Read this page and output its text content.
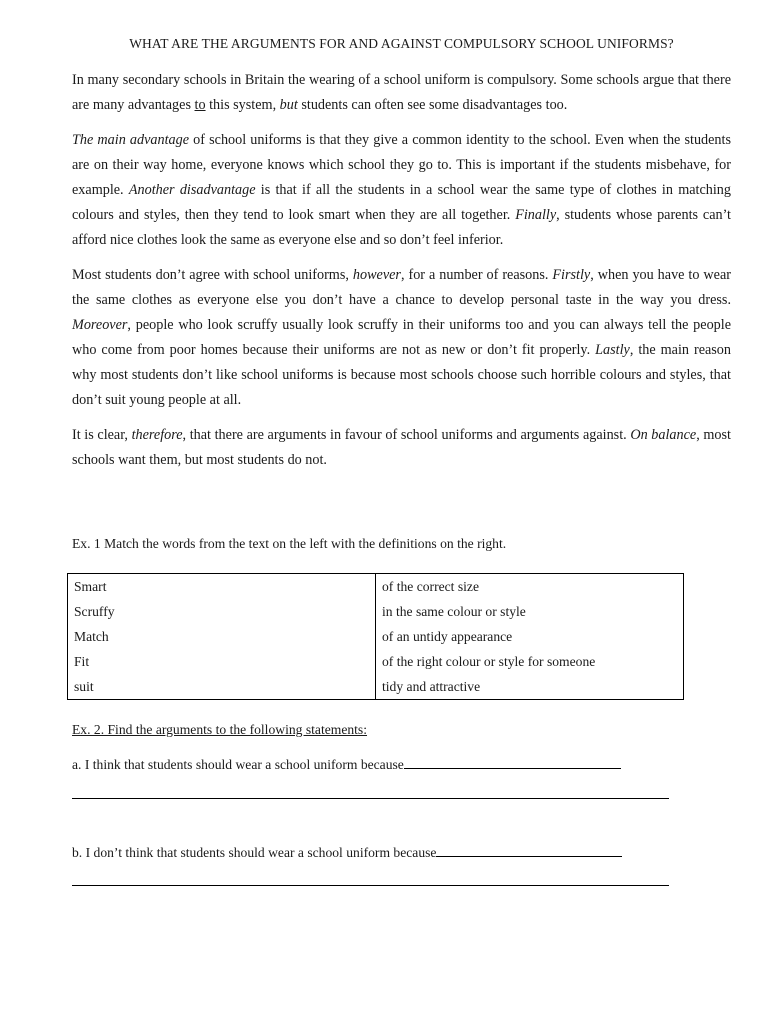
WHAT ARE THE ARGUMENTS FOR AND AGAINST COMPULSORY SCHOOL UNIFORMS?

In many secondary schools in Britain the wearing of a school uniform is compulsory. Some schools argue that there are many advantages to this system, but students can often see some disadvantages too.

The main advantage of school uniforms is that they give a common identity to the school. Even when the students are on their way home, everyone knows which school they go to. This is important if the students misbehave, for example. Another disadvantage is that if all the students in a school wear the same type of clothes in matching colours and styles, then they tend to look smart when they are all together. Finally, students whose parents can’t afford nice clothes look the same as everyone else and so don’t feel inferior.

Most students don’t agree with school uniforms, however, for a number of reasons. Firstly, when you have to wear the same clothes as everyone else you don’t have a chance to develop personal taste in the way you dress. Moreover, people who look scruffy usually look scruffy in their uniforms too and you can always tell the people who come from poor homes because their uniforms are not as new or don’t fit properly. Lastly, the main reason why most students don’t like school uniforms is because most schools choose such horrible colours and styles, that don’t suit young people at all.

It is clear, therefore, that there are arguments in favour of school uniforms and arguments against. On balance, most schools want them, but most students do not.

Ex. 1 Match the words from the text on the left with the definitions on the right.

Smart	of the correct size
Scruffy	in the same colour or style
Match	of an untidy appearance
Fit	of the right colour or style for someone
suit	tidy and attractive

Ex. 2. Find the arguments to the following statements:

a. I think that students should wear a school uniform because

b. I don’t think that students should wear a school uniform because
